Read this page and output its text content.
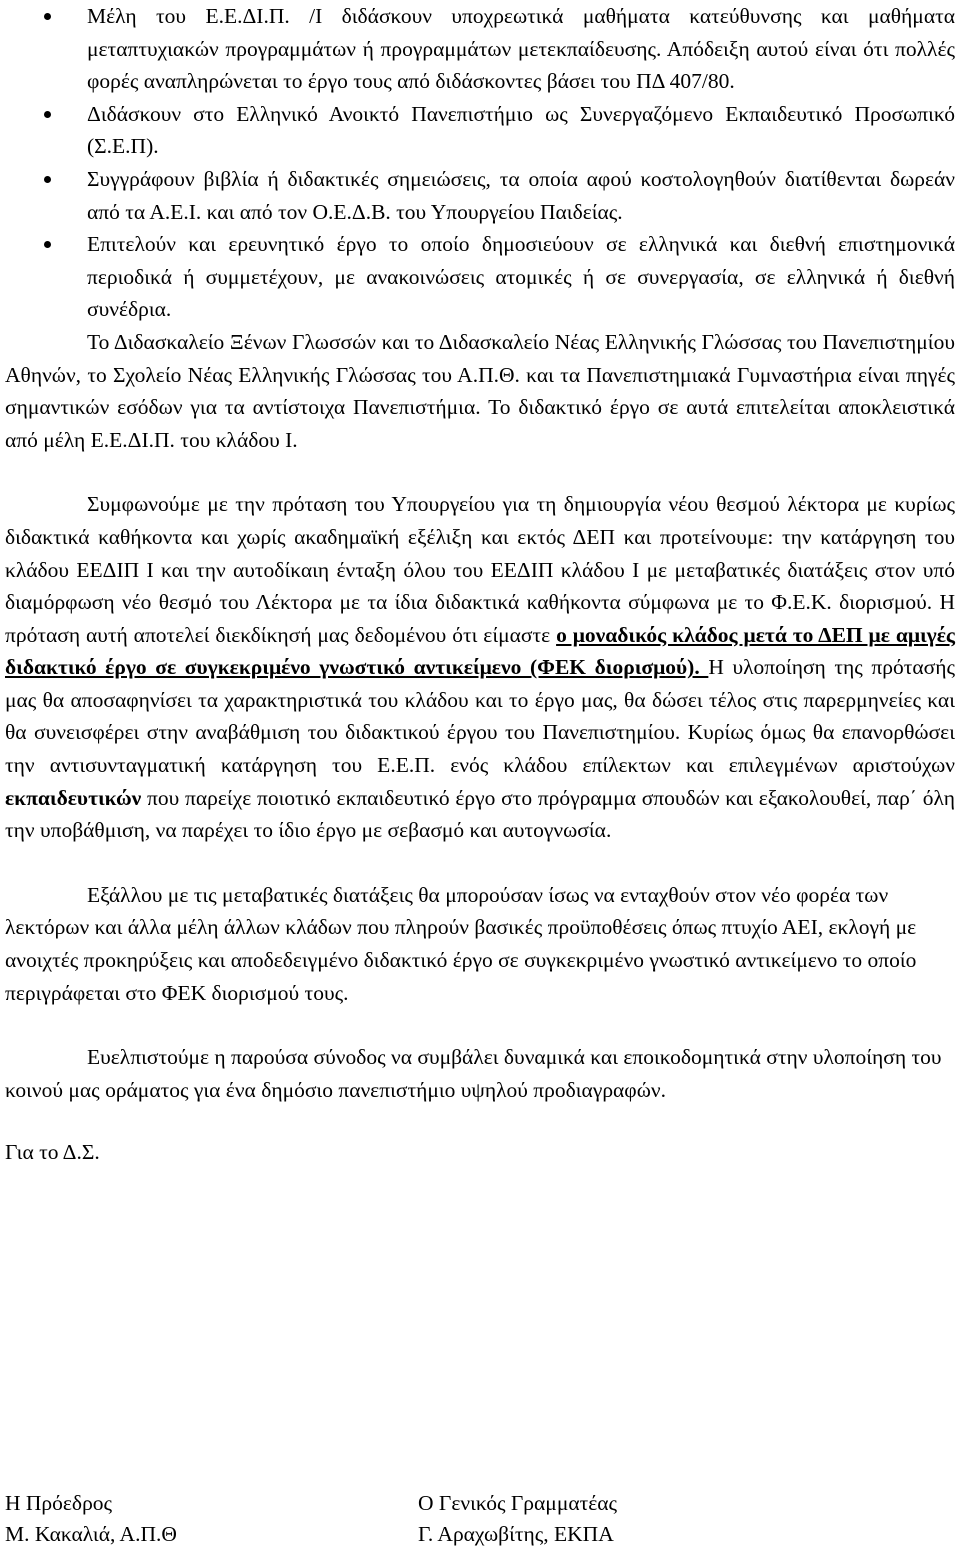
Μέλη του Ε.Ε.ΔΙ.Π. /Ι διδάσκουν υποχρεωτικά μαθήματα κατεύθυνσης και μαθήματα μεταπτυχιακών προγραμμάτων ή προγραμμάτων μετεκπαίδευσης. Απόδειξη αυτού είναι ότι πολλές φορές αναπληρώνεται το έργο τους από διδάσκοντες βάσει του ΠΔ 407/80.
Διδάσκουν στο Ελληνικό Ανοικτό Πανεπιστήμιο ως Συνεργαζόμενο Εκπαιδευτικό Προσωπικό (Σ.Ε.Π).
Συγγράφουν βιβλία ή διδακτικές σημειώσεις, τα οποία αφού κοστολογηθούν διατίθενται δωρεάν από τα Α.Ε.Ι. και από τον Ο.Ε.Δ.Β. του Υπουργείου Παιδείας.
Επιτελούν και ερευνητικό έργο το οποίο δημοσιεύουν σε ελληνικά και διεθνή επιστημονικά περιοδικά ή συμμετέχουν, με ανακοινώσεις ατομικές ή σε συνεργασία, σε ελληνικά ή διεθνή συνέδρια.

Το Διδασκαλείο Ξένων Γλωσσών και το Διδασκαλείο Νέας Ελληνικής Γλώσσας του Πανεπιστημίου Αθηνών, το Σχολείο Νέας Ελληνικής Γλώσσας του Α.Π.Θ. και τα Πανεπιστημιακά Γυμναστήρια είναι πηγές σημαντικών εσόδων για τα αντίστοιχα Πανεπιστήμια. Το διδακτικό έργο σε αυτά επιτελείται αποκλειστικά από μέλη Ε.Ε.ΔΙ.Π. του κλάδου Ι.

Συμφωνούμε με την πρόταση του Υπουργείου για τη δημιουργία νέου θεσμού λέκτορα με κυρίως διδακτικά καθήκοντα και χωρίς ακαδημαϊκή εξέλιξη και εκτός ΔΕΠ και προτείνουμε: την κατάργηση του κλάδου ΕΕΔΙΠ Ι και την αυτοδίκαιη ένταξη όλου του ΕΕΔΙΠ κλάδου Ι με μεταβατικές διατάξεις στον υπό διαμόρφωση νέο θεσμό του Λέκτορα με τα ίδια διδακτικά καθήκοντα σύμφωνα με το Φ.Ε.Κ. διορισμού. Η πρόταση αυτή αποτελεί διεκδίκησή μας δεδομένου ότι είμαστε ο μοναδικός κλάδος μετά το ΔΕΠ με αμιγές διδακτικό έργο σε συγκεκριμένο γνωστικό αντικείμενο (ΦΕΚ διορισμού). Η υλοποίηση της πρότασής μας θα αποσαφηνίσει τα χαρακτηριστικά του κλάδου και το έργο μας, θα δώσει τέλος στις παρερμηνείες και θα συνεισφέρει στην αναβάθμιση του διδακτικού έργου του Πανεπιστημίου. Κυρίως όμως θα επανορθώσει την αντισυνταγματική κατάργηση του Ε.Ε.Π. ενός κλάδου επίλεκτων και επιλεγμένων αριστούχων εκπαιδευτικών που παρείχε ποιοτικό εκπαιδευτικό έργο στο πρόγραμμα σπουδών και εξακολουθεί, παρ΄ όλη την υποβάθμιση, να παρέχει το ίδιο έργο με σεβασμό και αυτογνωσία.

Εξάλλου με τις μεταβατικές διατάξεις θα μπορούσαν ίσως να ενταχθούν στον νέο φορέα των λεκτόρων και άλλα μέλη άλλων κλάδων που πληρούν βασικές προϋποθέσεις όπως πτυχίο ΑΕΙ, εκλογή με ανοιχτές προκηρύξεις και αποδεδειγμένο διδακτικό έργο σε συγκεκριμένο γνωστικό αντικείμενο το οποίο περιγράφεται στο ΦΕΚ διορισμού τους.

Ευελπιστούμε η παρούσα σύνοδος να συμβάλει δυναμικά και εποικοδομητικά στην υλοποίηση του κοινού μας οράματος για ένα δημόσιο πανεπιστήμιο υψηλού προδιαγραφών.

Για το Δ.Σ.

Η Πρόεδρος
Μ. Κακαλιά, Α.Π.Θ
Ο Γενικός Γραμματέας
Γ. Αραχωβίτης, ΕΚΠΑ
